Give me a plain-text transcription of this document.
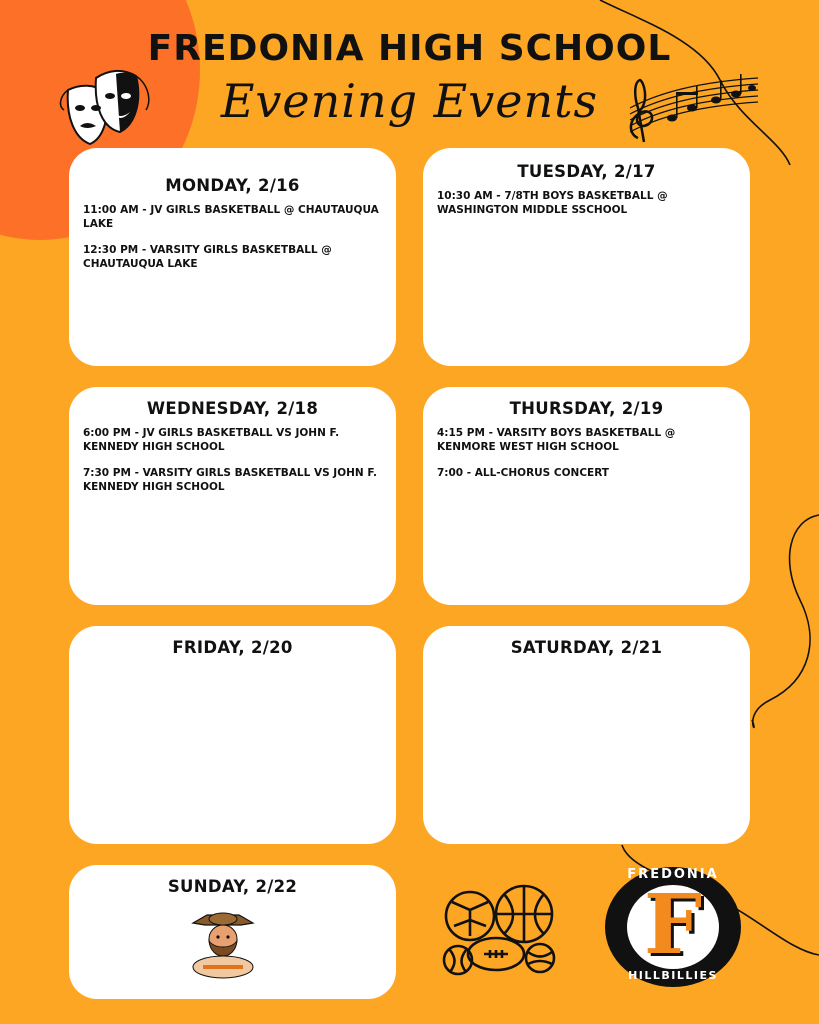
FREDONIA HIGH SCHOOL
Evening Events
MONDAY, 2/16
11:00 AM - JV GIRLS BASKETBALL @ CHAUTAUQUA LAKE
12:30 PM - VARSITY GIRLS BASKETBALL @ CHAUTAUQUA LAKE
TUESDAY, 2/17
10:30 AM - 7/8TH BOYS BASKETBALL @ WASHINGTON MIDDLE SSCHOOL
WEDNESDAY, 2/18
6:00 PM - JV GIRLS BASKETBALL VS JOHN F. KENNEDY HIGH SCHOOL
7:30 PM - VARSITY GIRLS BASKETBALL VS JOHN F. KENNEDY HIGH SCHOOL
THURSDAY, 2/19
4:15 PM - VARSITY BOYS BASKETBALL @ KENMORE WEST HIGH SCHOOL
7:00 - ALL-CHORUS CONCERT
FRIDAY, 2/20	SATURDAY, 2/21
SUNDAY, 2/22	F
FREDONIA
HILLBILLIES
